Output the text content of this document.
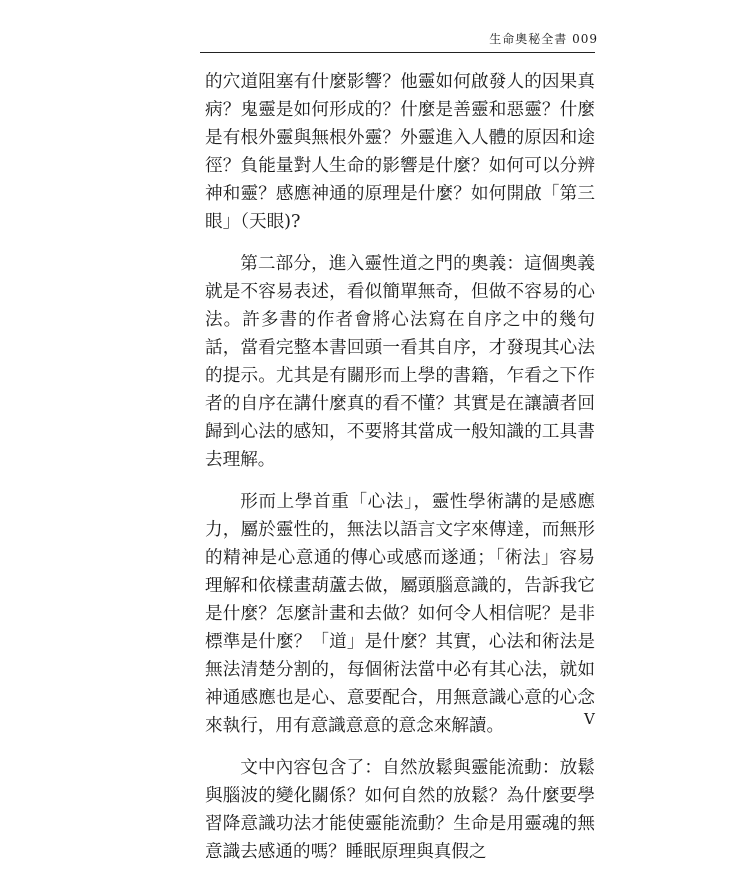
生命奧秘全書 009

的穴道阻塞有什麼影響？他靈如何啟發人的因果真病？鬼靈是如何形成的？什麼是善靈和惡靈？什麼是有根外靈與無根外靈？外靈進入人體的原因和途徑？負能量對人生命的影響是什麼？如何可以分辨神和靈？感應神通的原理是什麼？如何開啟「第三眼」（天眼)?

第二部分，進入靈性道之門的奧義：這個奧義就是不容易表述，看似簡單無奇，但做不容易的心法。許多書的作者會將心法寫在自序之中的幾句話，當看完整本書回頭一看其自序，才發現其心法的提示。尤其是有關形而上學的書籍，乍看之下作者的自序在講什麼真的看不懂？其實是在讓讀者回歸到心法的感知，不要將其當成一般知識的工具書去理解。

形而上學首重「心法」，靈性學術講的是感應力，屬於靈性的，無法以語言文字來傳達，而無形的精神是心意通的傳心或感而遂通；「術法」容易理解和依樣畫葫蘆去做，屬頭腦意識的，告訴我它是什麼？怎麼計畫和去做？如何令人相信呢？是非標準是什麼？「道」是什麼？其實，心法和術法是無法清楚分割的，每個術法當中必有其心法，就如神通感應也是心、意要配合，用無意識心意的心念來執行，用有意識意意的意念來解讀。

文中內容包含了：自然放鬆與靈能流動：放鬆與腦波的變化關係？如何自然的放鬆？為什麼要學習降意識功法才能使靈能流動？生命是用靈魂的無意識去感通的嗎？睡眠原理與真假之

V
